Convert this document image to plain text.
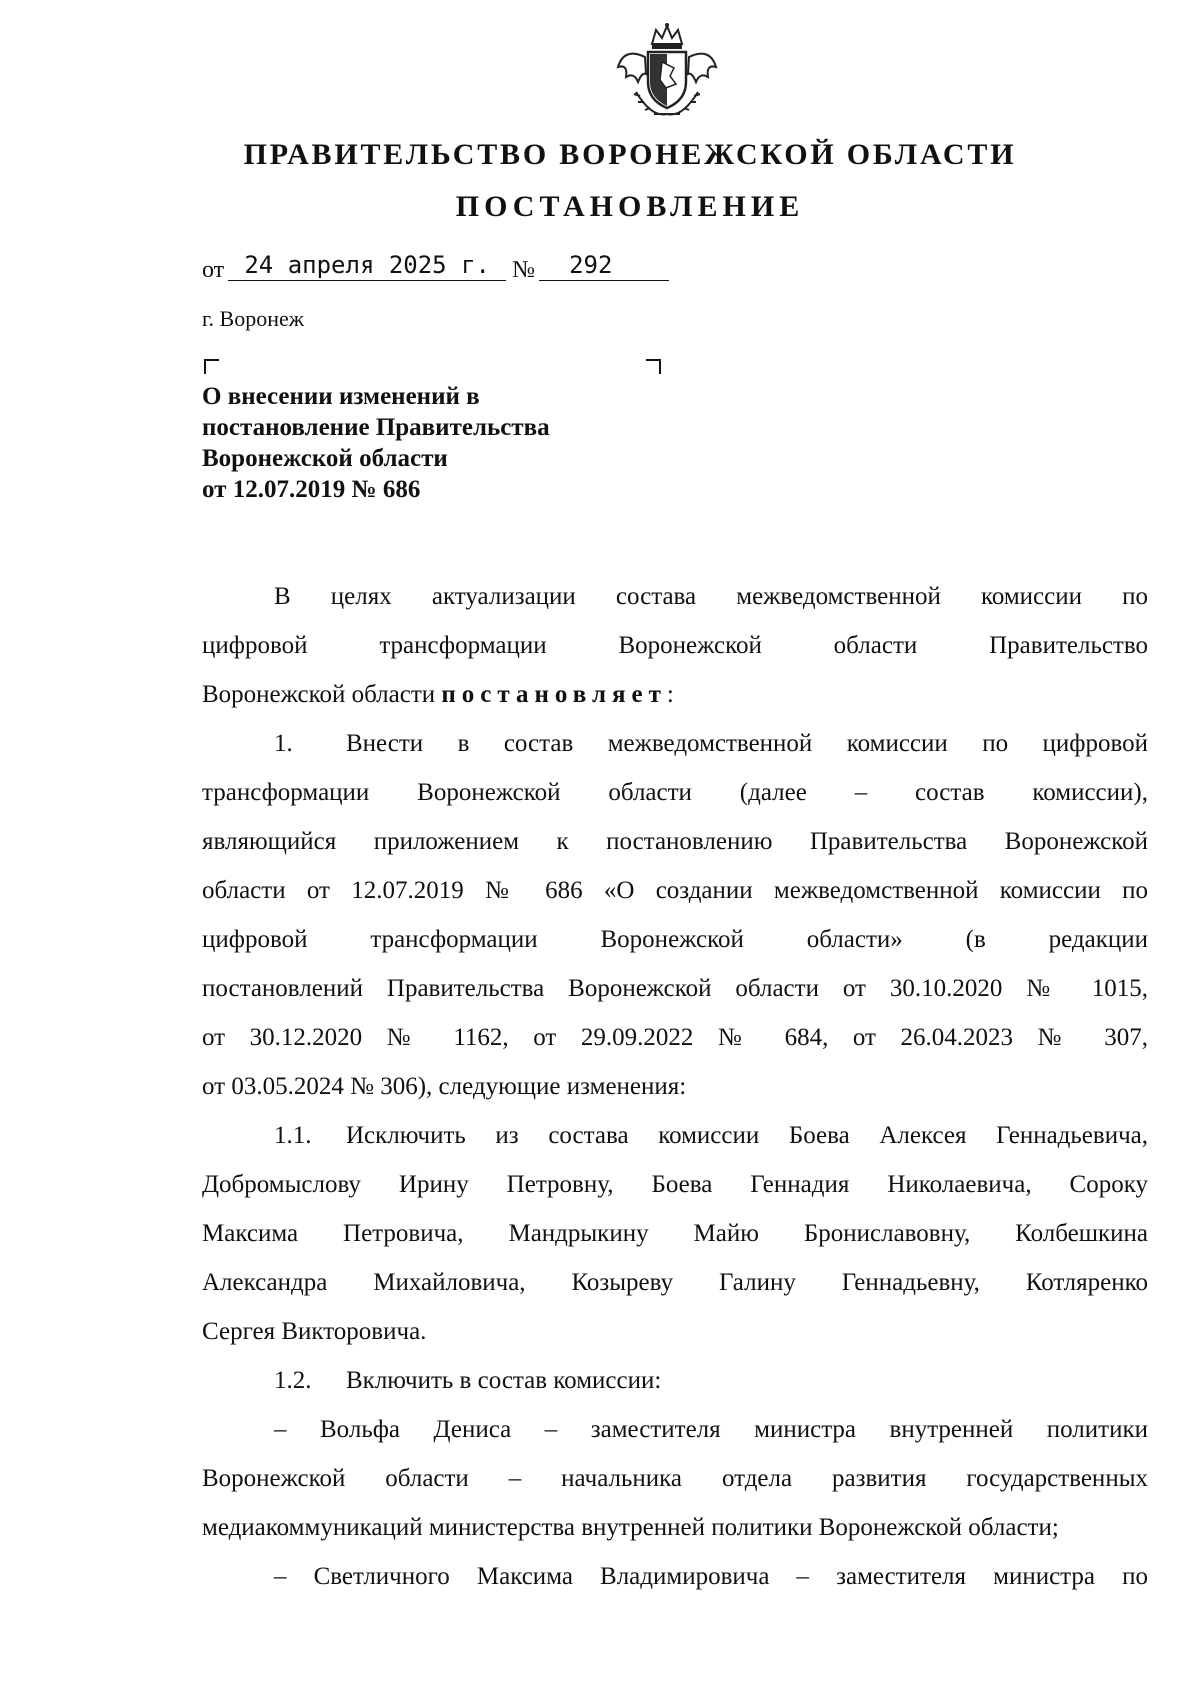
ПРАВИТЕЛЬСТВО ВОРОНЕЖСКОЙ ОБЛАСТИ
ПОСТАНОВЛЕНИЕ
от 24 апреля 2025 г. № 292
г. Воронеж
О внесении изменений в
постановление Правительства
Воронежской области
от 12.07.2019 № 686
В целях актуализации состава межведомственной комиссии по
цифровой трансформации Воронежской области Правительство
Воронежской области постановляет:
1. Внести в состав межведомственной комиссии по цифровой
трансформации Воронежской области (далее – состав комиссии),
являющийся приложением к постановлению Правительства Воронежской
области от 12.07.2019 № 686 «О создании межведомственной комиссии по
цифровой трансформации Воронежской области» (в редакции
постановлений Правительства Воронежской области от 30.10.2020 № 1015,
от 30.12.2020 № 1162, от 29.09.2022 № 684, от 26.04.2023 № 307,
от 03.05.2024 № 306), следующие изменения:
1.1. Исключить из состава комиссии Боева Алексея Геннадьевича,
Добромыслову Ирину Петровну, Боева Геннадия Николаевича, Сороку
Максима Петровича, Мандрыкину Майю Брониславовну, Колбешкина
Александра Михайловича, Козыреву Галину Геннадьевну, Котляренко
Сергея Викторовича.
1.2. Включить в состав комиссии:
– Вольфа Дениса – заместителя министра внутренней политики
Воронежской области – начальника отдела развития государственных
медиакоммуникаций министерства внутренней политики Воронежской области;
– Светличного Максима Владимировича – заместителя министра по
